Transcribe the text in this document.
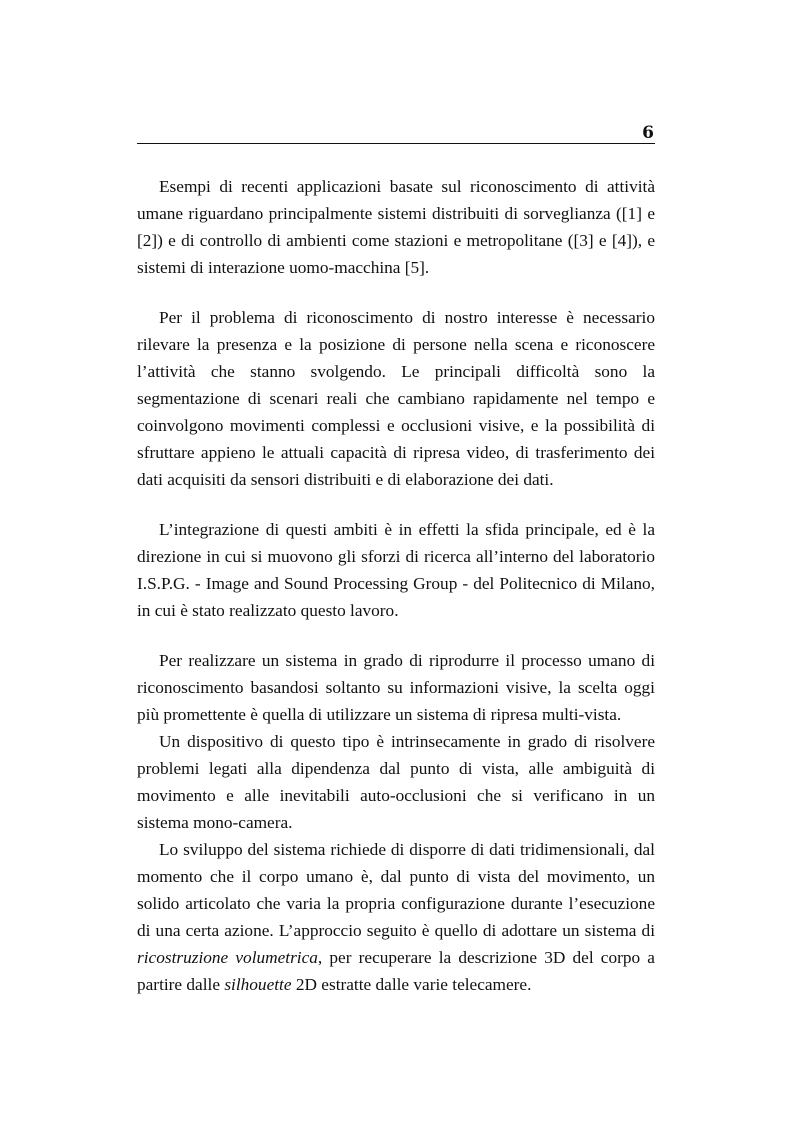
6

Esempi di recenti applicazioni basate sul riconoscimento di attività umane riguardano principalmente sistemi distribuiti di sorveglianza ([1] e [2]) e di controllo di ambienti come stazioni e metropolitane ([3] e [4]), e sistemi di interazione uomo-macchina [5].

Per il problema di riconoscimento di nostro interesse è necessario rilevare la presenza e la posizione di persone nella scena e riconoscere l’attività che stanno svolgendo. Le principali difficoltà sono la segmentazione di scenari reali che cambiano rapidamente nel tempo e coinvolgono movimenti complessi e occlusioni visive, e la possibilità di sfruttare appieno le attuali capacità di ripresa video, di trasferimento dei dati acquisiti da sensori distribuiti e di elaborazione dei dati.

L’integrazione di questi ambiti è in effetti la sfida principale, ed è la direzione in cui si muovono gli sforzi di ricerca all’interno del laboratorio I.S.P.G. - Image and Sound Processing Group - del Politecnico di Milano, in cui è stato realizzato questo lavoro.

Per realizzare un sistema in grado di riprodurre il processo umano di riconoscimento basandosi soltanto su informazioni visive, la scelta oggi più promettente è quella di utilizzare un sistema di ripresa multi-vista.

Un dispositivo di questo tipo è intrinsecamente in grado di risolvere problemi legati alla dipendenza dal punto di vista, alle ambiguità di movimento e alle inevitabili auto-occlusioni che si verificano in un sistema mono-camera.

Lo sviluppo del sistema richiede di disporre di dati tridimensionali, dal momento che il corpo umano è, dal punto di vista del movimento, un solido articolato che varia la propria configurazione durante l’esecuzione di una certa azione. L’approccio seguito è quello di adottare un sistema di ricostruzione volumetrica, per recuperare la descrizione 3D del corpo a partire dalle silhouette 2D estratte dalle varie telecamere.
